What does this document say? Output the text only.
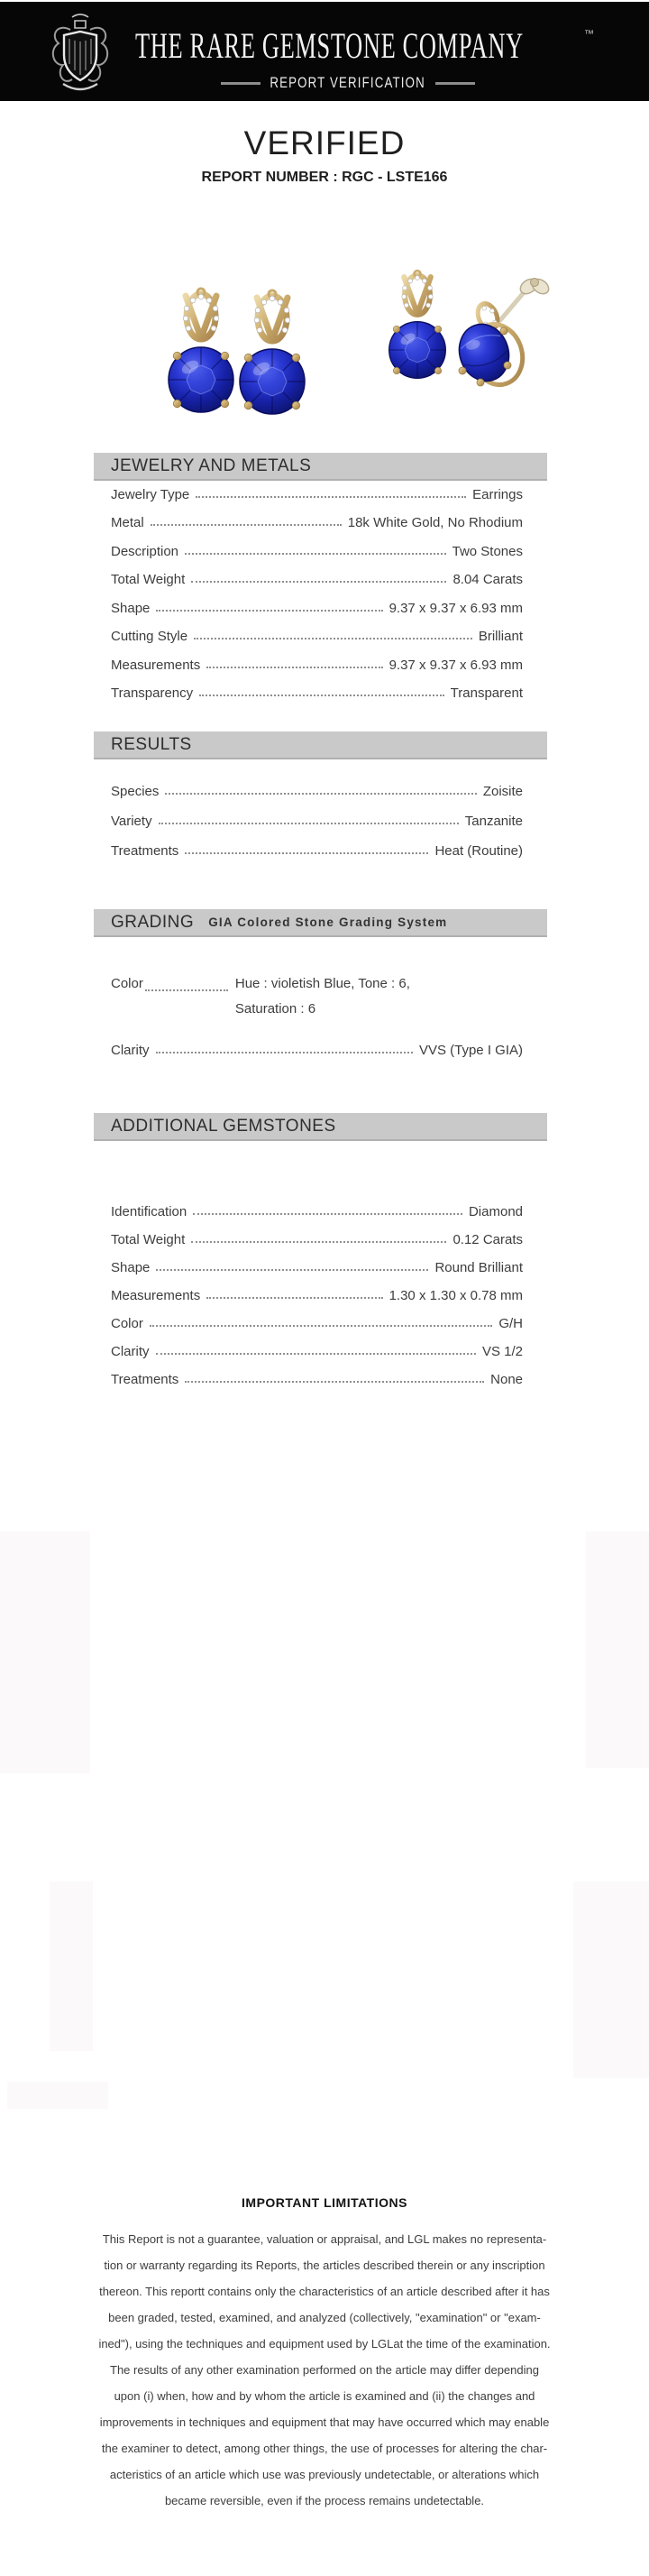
THE RARE GEMSTONE COMPANY	™
REPORT VERIFICATION
VERIFIED
REPORT NUMBER : RGC - LSTE166
JEWELRY AND METALS
Jewelry Type	Earrings
Metal	18k White Gold, No Rhodium
Description	Two Stones
Total Weight	8.04 Carats
Shape	9.37 x 9.37 x 6.93 mm
Cutting Style	Brilliant
Measurements	9.37 x 9.37 x 6.93 mm
Transparency	Transparent
RESULTS
Species	Zoisite
Variety	Tanzanite
Treatments	Heat (Routine)
GRADING GIA Colored Stone Grading System
Color	Hue : violetish Blue, Tone : 6,
Saturation : 6
Clarity	VVS (Type I GIA)
ADDITIONAL GEMSTONES
Identification	Diamond
Total Weight	0.12 Carats
Shape	Round Brilliant
Measurements	1.30 x 1.30 x 0.78 mm
Color	G/H
Clarity	VS 1/2
Treatments	None
IMPORTANT LIMITATIONS
This Report is not a guarantee, valuation or appraisal, and LGL makes no representa-
tion or warranty regarding its Reports, the articles described therein or any inscription
thereon. This reportt contains only the characteristics of an article described after it has
been graded, tested, examined, and analyzed (collectively, "examination" or "exam-
ined"), using the techniques and equipment used by LGLat the time of the examination.
The results of any other examination performed on the article may differ depending
upon (i) when, how and by whom the article is examined and (ii) the changes and
improvements in techniques and equipment that may have occurred which may enable
the examiner to detect, among other things, the use of processes for altering the char-
acteristics of an article which use was previously undetectable, or alterations which
became reversible, even if the process remains undetectable.
